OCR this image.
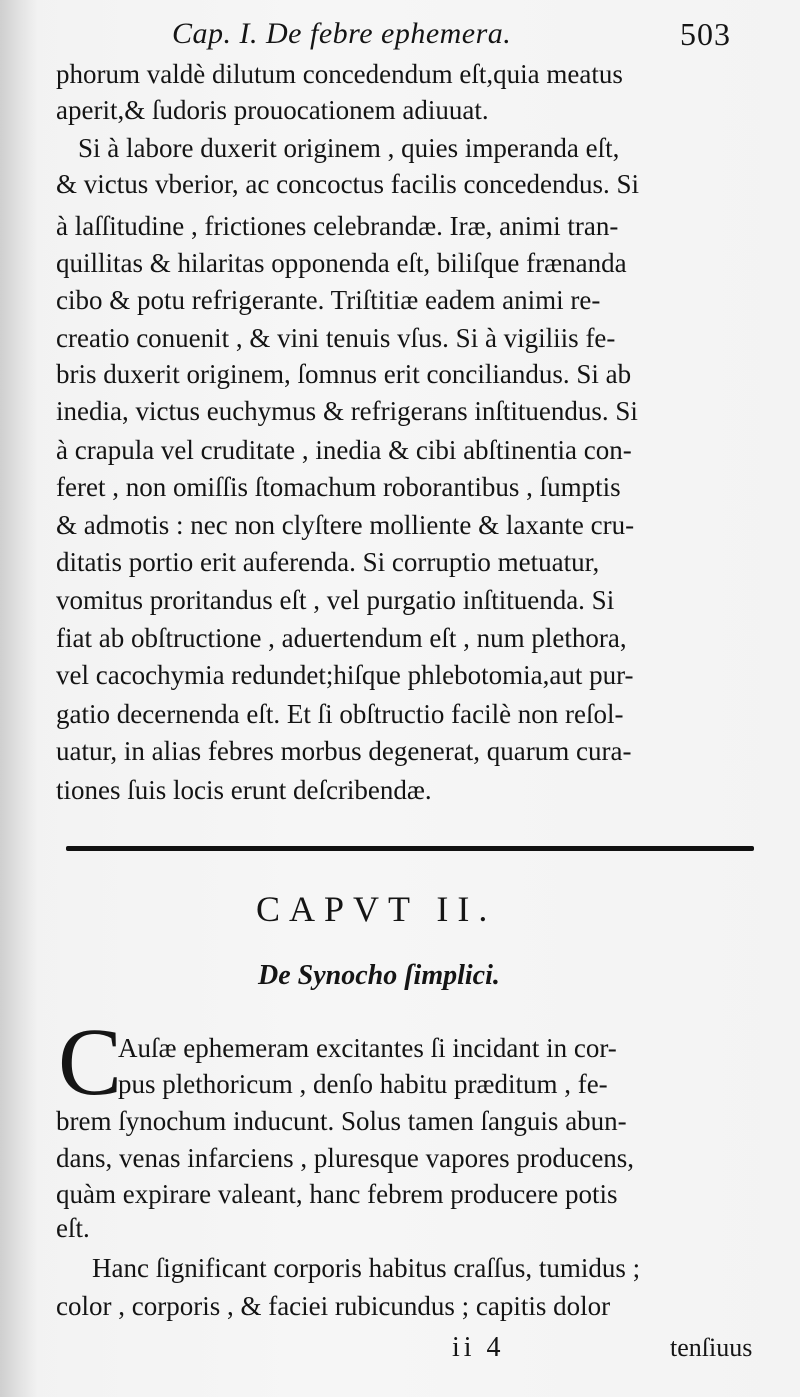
Cap. I. De febre ephemera.	503
phorum valdè dilutum concedendum eſt,quia meatus
aperit,& ſudoris prouocationem adiuuat.
Si à labore duxerit originem , quies imperanda eſt,
& victus vberior, ac concoctus facilis concedendus. Si
à laſſitudine , frictiones celebrandæ. Iræ, animi tran-
quillitas & hilaritas opponenda eſt, biliſque frænanda
cibo & potu refrigerante. Triſtitiæ eadem animi re-
creatio conuenit , & vini tenuis vſus. Si à vigiliis fe-
bris duxerit originem, ſomnus erit conciliandus. Si ab
inedia, victus euchymus & refrigerans inſtituendus. Si
à crapula vel cruditate , inedia & cibi abſtinentia con-
feret , non omiſſis ſtomachum roborantibus , ſumptis
& admotis : nec non clyſtere molliente & laxante cru-
ditatis portio erit auferenda. Si corruptio metuatur,
vomitus proritandus eſt , vel purgatio inſtituenda. Si
fiat ab obſtructione , aduertendum eſt , num plethora,
vel cacochymia redundet;hiſque phlebotomia,aut pur-
gatio decernenda eſt. Et ſi obſtructio facilè non reſol-
uatur, in alias febres morbus degenerat, quarum cura-
tiones ſuis locis erunt deſcribendæ.
CAPVT II.
De Synocho ſimplici.
C
Auſæ ephemeram excitantes ſi incidant in cor-
pus plethoricum , denſo habitu præditum , fe-
brem ſynochum inducunt. Solus tamen ſanguis abun-
dans, venas infarciens , pluresque vapores producens,
quàm expirare valeant, hanc febrem producere potis
eſt.
Hanc ſignificant corporis habitus craſſus, tumidus ;
color , corporis , & faciei rubicundus ; capitis dolor
ii 4	tenſiuus
